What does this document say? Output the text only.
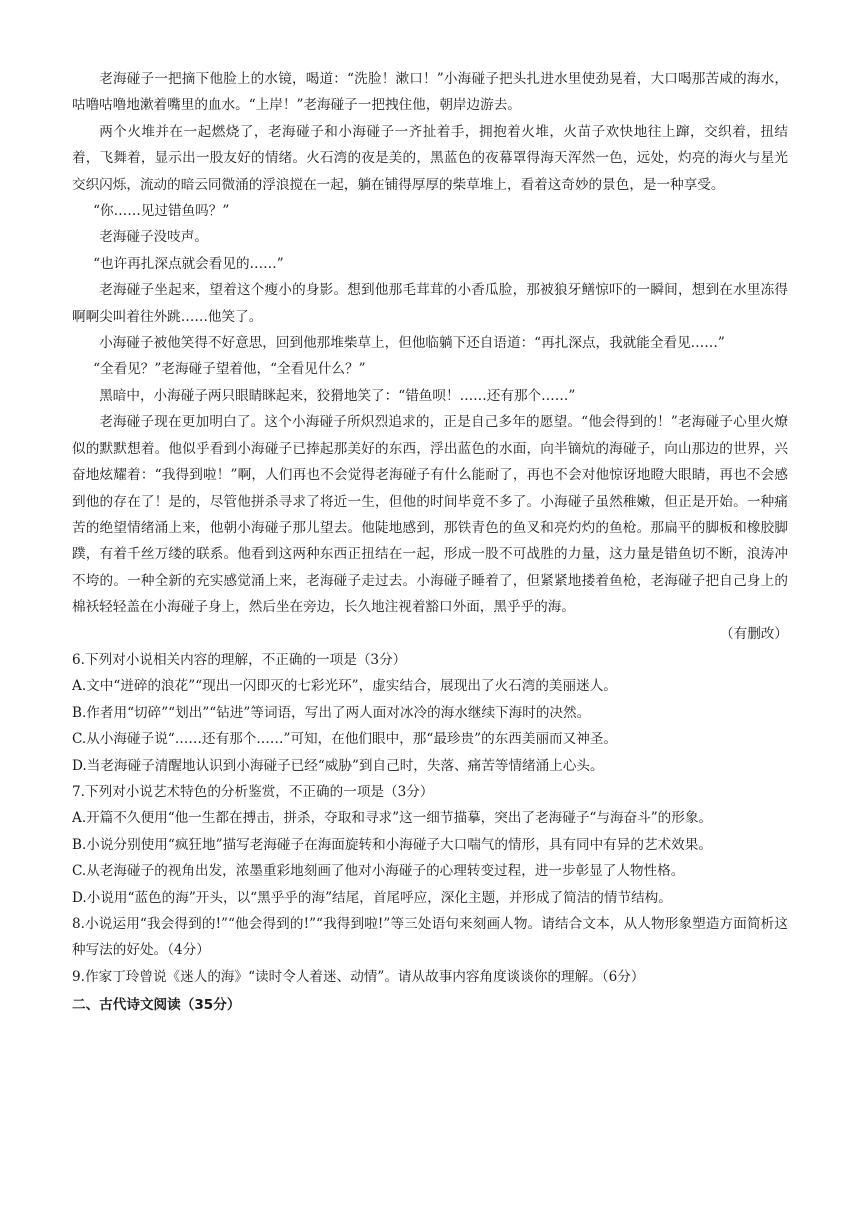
老海碰子一把摘下他脸上的水镜，喝道：“洗脸！漱口！”小海碰子把头扎进水里使劲晃着，大口喝那苦咸的海水，咕噜咕噜地漱着嘴里的血水。“上岸！”老海碰子一把拽住他，朝岸边游去。

两个火堆并在一起燃烧了，老海碰子和小海碰子一齐扯着手，拥抱着火堆，火苗子欢快地往上蹿，交织着，扭结着，飞舞着，显示出一股友好的情绪。火石湾的夜是美的，黑蓝色的夜幕罩得海天浑然一色，远处，灼亮的海火与星光交织闪烁，流动的暗云同微涌的浮浪搅在一起，躺在铺得厚厚的柴草堆上，看着这奇妙的景色，是一种享受。

“你……见过错鱼吗？”

老海碰子没吱声。

“也许再扎深点就会看见的……”

老海碰子坐起来，望着这个瘦小的身影。想到他那毛茸茸的小香瓜脸，那被狼牙鳝惊吓的一瞬间，想到在水里冻得啊啊尖叫着往外跳……他笑了。

小海碰子被他笑得不好意思，回到他那堆柴草上，但他临躺下还自语道：“再扎深点，我就能全看见……”

“全看见？”老海碰子望着他，“全看见什么？”

黑暗中，小海碰子两只眼睛眯起来，狡猾地笑了：“错鱼呗！……还有那个……”

老海碰子现在更加明白了。这个小海碰子所炽烈追求的，正是自己多年的愿望。“他会得到的！”老海碰子心里火燎似的默默想着。他似乎看到小海碰子已捧起那美好的东西，浮出蓝色的水面，向半镝炕的海碰子，向山那边的世界，兴奋地炫耀着：“我得到啦！”啊，人们再也不会觉得老海碰子有什么能耐了，再也不会对他惊讶地瞪大眼睛，再也不会感到他的存在了！是的，尽管他拼杀寻求了将近一生，但他的时间毕竟不多了。小海碰子虽然稚嫩，但正是开始。一种痛苦的绝望情绪涌上来，他朝小海碰子那儿望去。他陡地感到，那铁青色的鱼叉和亮灼灼的鱼枪。那扁平的脚板和橡胶脚蹼，有着千丝万缕的联系。他看到这两种东西正扭结在一起，形成一股不可战胜的力量，这力量是错鱼切不断，浪涛冲不垮的。一种全新的充实感觉涌上来，老海碰子走过去。小海碰子睡着了，但紧紧地搂着鱼枪，老海碰子把自己身上的棉袄轻轻盖在小海碰子身上，然后坐在旁边，长久地注视着豁口外面，黑乎乎的海。

（有删改）

6.下列对小说相关内容的理解，不正确的一项是（3分）

A.文中“迸碎的浪花”“现出一闪即灭的七彩光环”，虚实结合，展现出了火石湾的美丽迷人。

B.作者用“切碎”“划出”“钻进”等词语，写出了两人面对冰冷的海水继续下海时的决然。

C.从小海碰子说“……还有那个……”可知，在他们眼中，那“最珍贵”的东西美丽而又神圣。

D.当老海碰子清醒地认识到小海碰子已经“威胁”到自己时，失落、痛苦等情绪涌上心头。

7.下列对小说艺术特色的分析鉴赏，不正确的一项是（3分）

A.开篇不久便用“他一生都在搏击，拼杀，夺取和寻求”这一细节描摹，突出了老海碰子“与海奋斗”的形象。

B.小说分别使用“疯狂地”描写老海碰子在海面旋转和小海碰子大口喘气的情形，具有同中有异的艺术效果。

C.从老海碰子的视角出发，浓墨重彩地刻画了他对小海碰子的心理转变过程，进一步彰显了人物性格。

D.小说用“蓝色的海”开头，以“黑乎乎的海”结尾，首尾呼应，深化主题，并形成了简洁的情节结构。

8.小说运用“我会得到的!”“他会得到的!”“我得到啦!”等三处语句来刻画人物。请结合文本，从人物形象塑造方面简析这种写法的好处。（4分）

9.作家丁玲曾说《迷人的海》“读时令人着迷、动情”。请从故事内容角度谈谈你的理解。（6分）

二、古代诗文阅读（35分）
